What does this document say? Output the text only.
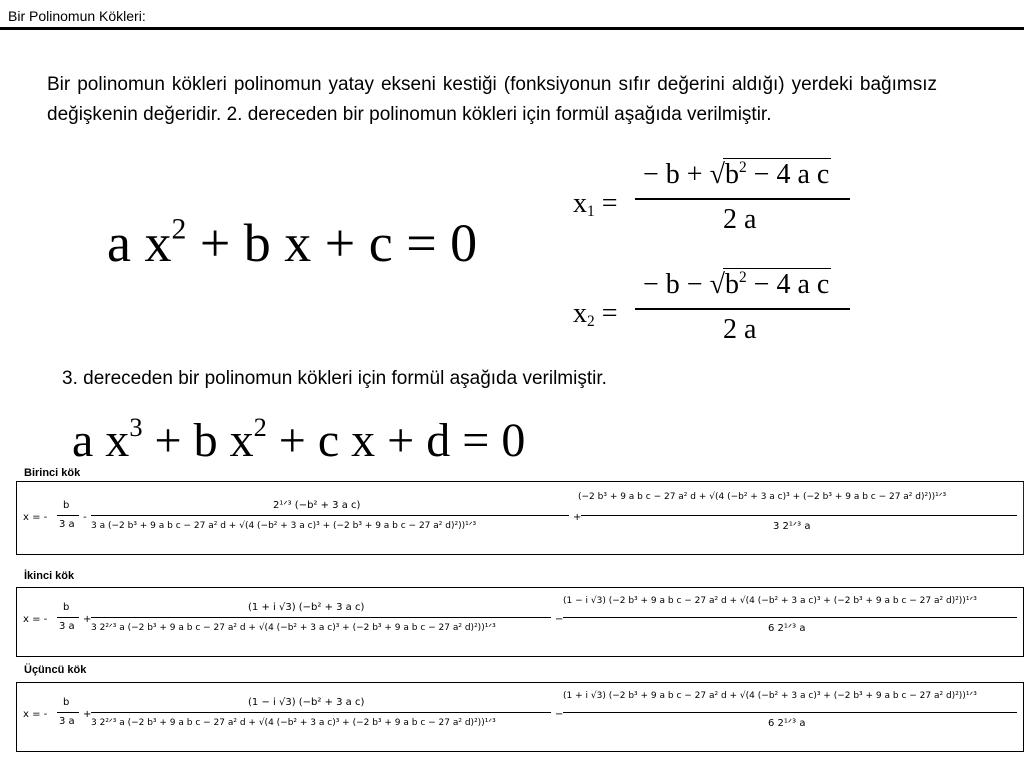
Bir Polinomun Kökleri:
Bir polinomun kökleri polinomun yatay ekseni kestiği (fonksiyonun sıfır değerini aldığı) yerdeki bağımsız değişkenin değeridir. 2. dereceden bir polinomun kökleri için formül aşağıda verilmiştir.
a $x^2 + b$ x + c = 0
$x_1$ =
− $b + √b^2 - 4$ a c
2 a
$x_2$ =
− $b - √b^2 - 4$ a c
2 a
3. dereceden bir polinomun kökleri için formül aşağıda verilmiştir.
a $x^3 + b$ $x^2 + c$ x + d = 0
Birinci kök
x = -
b
3 a
-
2¹ᐟ³ (−b² + 3 a c)
3 a (−2 b³ + 9 a b c − 27 a² d + √(4 (−b² + 3 a c)³ + (−2 b³ + 9 a b c − 27 a² d)²))¹ᐟ³
+
(−2 b³ + 9 a b c − 27 a² d + √(4 (−b² + 3 a c)³ + (−2 b³ + 9 a b c − 27 a² d)²))¹ᐟ³
3 2¹ᐟ³ a
İkinci kök
x = -
b
3 a
+
(1 + i √3) (−b² + 3 a c)
3 2²ᐟ³ a (−2 b³ + 9 a b c − 27 a² d + √(4 (−b² + 3 a c)³ + (−2 b³ + 9 a b c − 27 a² d)²))¹ᐟ³
−
(1 − i √3) (−2 b³ + 9 a b c − 27 a² d + √(4 (−b² + 3 a c)³ + (−2 b³ + 9 a b c − 27 a² d)²))¹ᐟ³
6 2¹ᐟ³ a
Üçüncü kök
x = -
b
3 a
+
(1 − i √3) (−b² + 3 a c)
3 2²ᐟ³ a (−2 b³ + 9 a b c − 27 a² d + √(4 (−b² + 3 a c)³ + (−2 b³ + 9 a b c − 27 a² d)²))¹ᐟ³
−
(1 + i √3) (−2 b³ + 9 a b c − 27 a² d + √(4 (−b² + 3 a c)³ + (−2 b³ + 9 a b c − 27 a² d)²))¹ᐟ³
6 2¹ᐟ³ a
